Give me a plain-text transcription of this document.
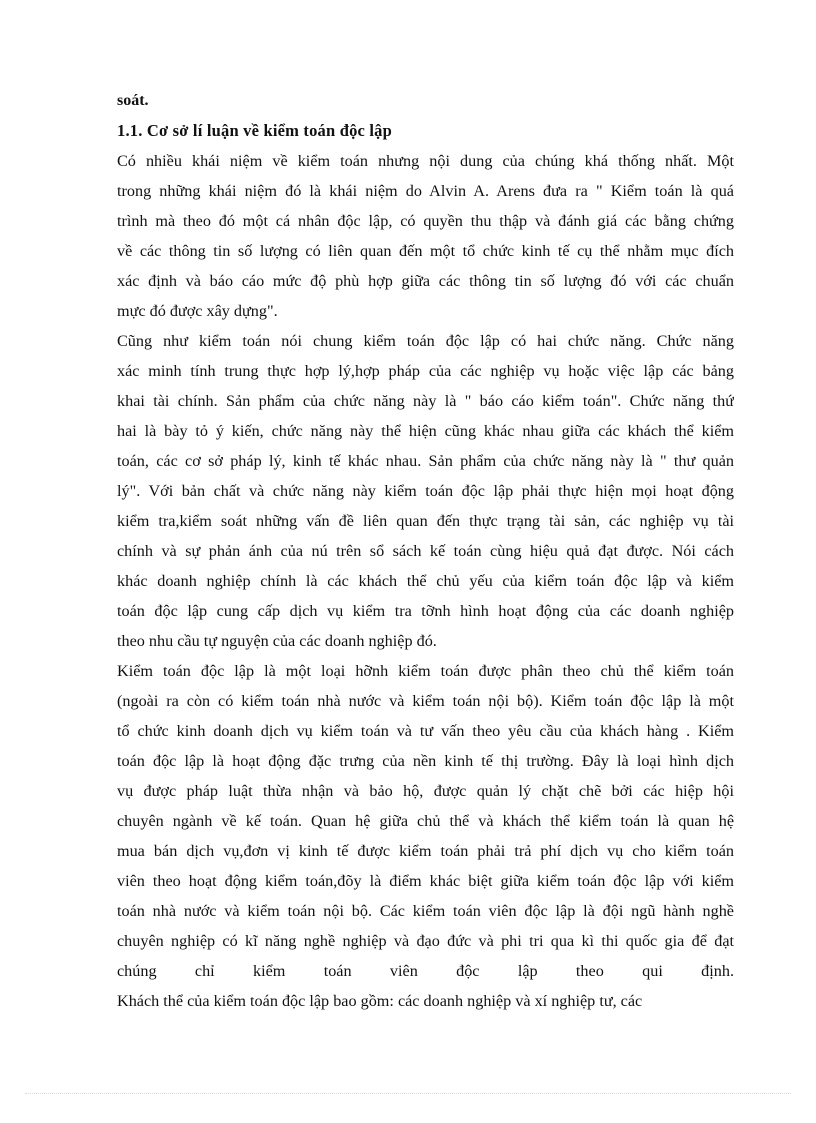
soát.

1.1. Cơ sở lí luận về kiểm toán độc lập
Có nhiều khái niệm về kiểm toán nhưng nội dung của chúng khá thống nhất. Một
trong những khái niệm đó là khái niệm do Alvin A. Arens đưa ra " Kiểm toán là quá
trình mà theo đó một cá nhân độc lập, có quyền thu thập và đánh giá các bằng chứng
về các thông tin số lượng có liên quan đến một tổ chức kinh tế cụ thể nhằm mục đích
xác định và báo cáo mức độ phù hợp giữa các thông tin số lượng đó với các chuẩn
mực đó được xây dựng".
Cũng như kiểm toán nói chung kiểm toán độc lập có hai chức năng. Chức năng
xác minh tính trung thực hợp lý,hợp pháp của các nghiệp vụ hoặc việc lập các bảng
khai tài chính. Sản phẩm của chức năng này là " báo cáo kiểm toán". Chức năng thứ
hai là bày tỏ ý kiến, chức năng này thể hiện cũng khác nhau giữa các khách thể kiểm
toán, các cơ sở pháp lý, kinh tế khác nhau. Sản phẩm của chức năng này là " thư quản
lý". Với bản chất và chức năng này kiểm toán độc lập phải thực hiện mọi hoạt động
kiểm tra,kiểm soát những vấn đề liên quan đến thực trạng tài sản, các nghiệp vụ tài
chính và sự phản ánh của nú trên sổ sách kế toán cùng hiệu quả đạt được. Nói cách
khác doanh nghiệp chính là các khách thể chủ yếu của kiểm toán độc lập và kiểm
toán độc lập cung cấp dịch vụ kiểm tra tỡnh hình hoạt động của các doanh nghiệp
theo nhu cầu tự nguyện của các doanh nghiệp đó.
Kiểm toán độc lập là một loại hỡnh kiểm toán được phân theo chủ thể kiểm toán
(ngoài ra còn có kiểm toán nhà nước và kiểm toán nội bộ). Kiểm toán độc lập là một
tổ chức kinh doanh dịch vụ kiểm toán và tư vấn theo yêu cầu của khách hàng . Kiểm
toán độc lập là hoạt động đặc trưng của nền kinh tế thị trường. Đây là loại hình dịch
vụ được pháp luật thừa nhận và bảo hộ, được quản lý chặt chẽ bởi các hiệp hội
chuyên ngành về kế toán. Quan hệ giữa chủ thể và khách thể kiểm toán là quan hệ
mua bán dịch vụ,đơn vị kinh tế được kiểm toán phải trả phí dịch vụ cho kiểm toán
viên theo hoạt động kiểm toán,đõy là điểm khác biệt giữa kiểm toán độc lập với kiểm
toán nhà nước và kiểm toán nội bộ. Các kiểm toán viên độc lập là đội ngũ hành nghề
chuyên nghiệp có kĩ năng nghề nghiệp và đạo đức và phi tri qua kì thi quốc gia để đạt
chúng chỉ kiểm toán viên độc lập theo qui định.
Khách thể của kiểm toán độc lập bao gồm: các doanh nghiệp và xí nghiệp tư, các
